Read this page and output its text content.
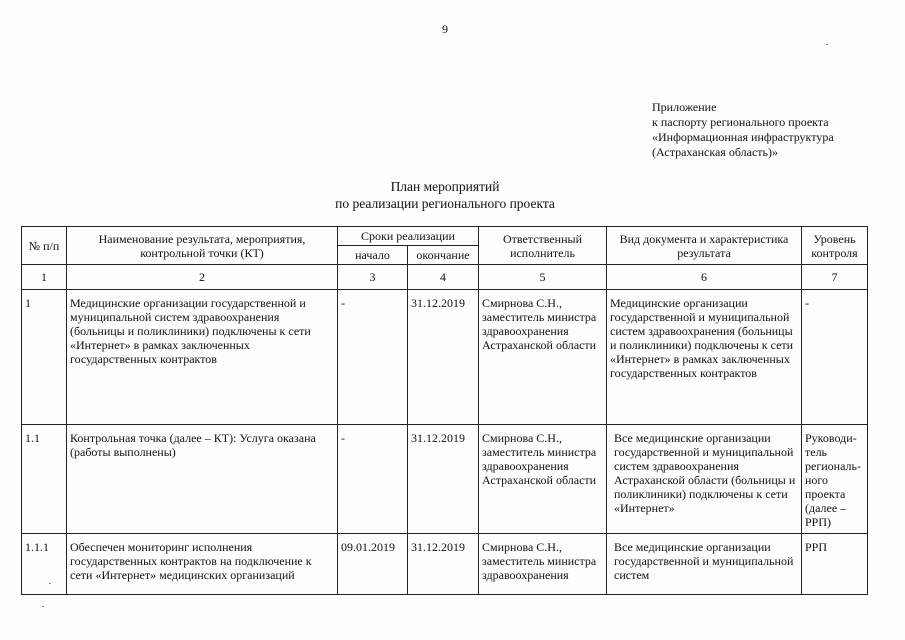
9
Приложение
к паспорту регионального проекта
«Информационная инфраструктура
(Астраханская область)»
План мероприятий
по реализации регионального проекта
№ п/п	Наименование результата, мероприятия, контрольной точки (КТ)	Сроки реализации		Ответственный исполнитель	Вид документа и характеристика результата	Уровень контроля
		начало	окончание			
1	2	3	4	5	6	7
1	Медицинские организации государственной и муниципальной систем здравоохранения (больницы и поликлиники) подключены к сети «Интернет» в рамках заключенных государственных контрактов	-	31.12.2019	Смирнова С.Н., заместитель министра здравоохранения Астраханской области	Медицинские организации государственной и муниципальной систем здравоохранения (больницы и поликлиники) подключены к сети «Интернет» в рамках заключенных государственных контрактов	-
1.1	Контрольная точка (далее – КТ): Услуга оказана (работы выполнены)	-	31.12.2019	Смирнова С.Н., заместитель министра здравоохранения Астраханской области	Все медицинские организации государственной и муниципальной систем здравоохранения Астраханской области (больницы и поликлиники) подключены к сети «Интернет»	Руководи-тель региональ-ного проекта (далее – РРП)
1.1.1	Обеспечен мониторинг исполнения государственных контрактов на подключение к сети «Интернет» медицинских организаций	09.01.2019	31.12.2019	Смирнова С.Н., заместитель министра здравоохранения	Все медицинские организации государственной и муниципальной систем	РРП
